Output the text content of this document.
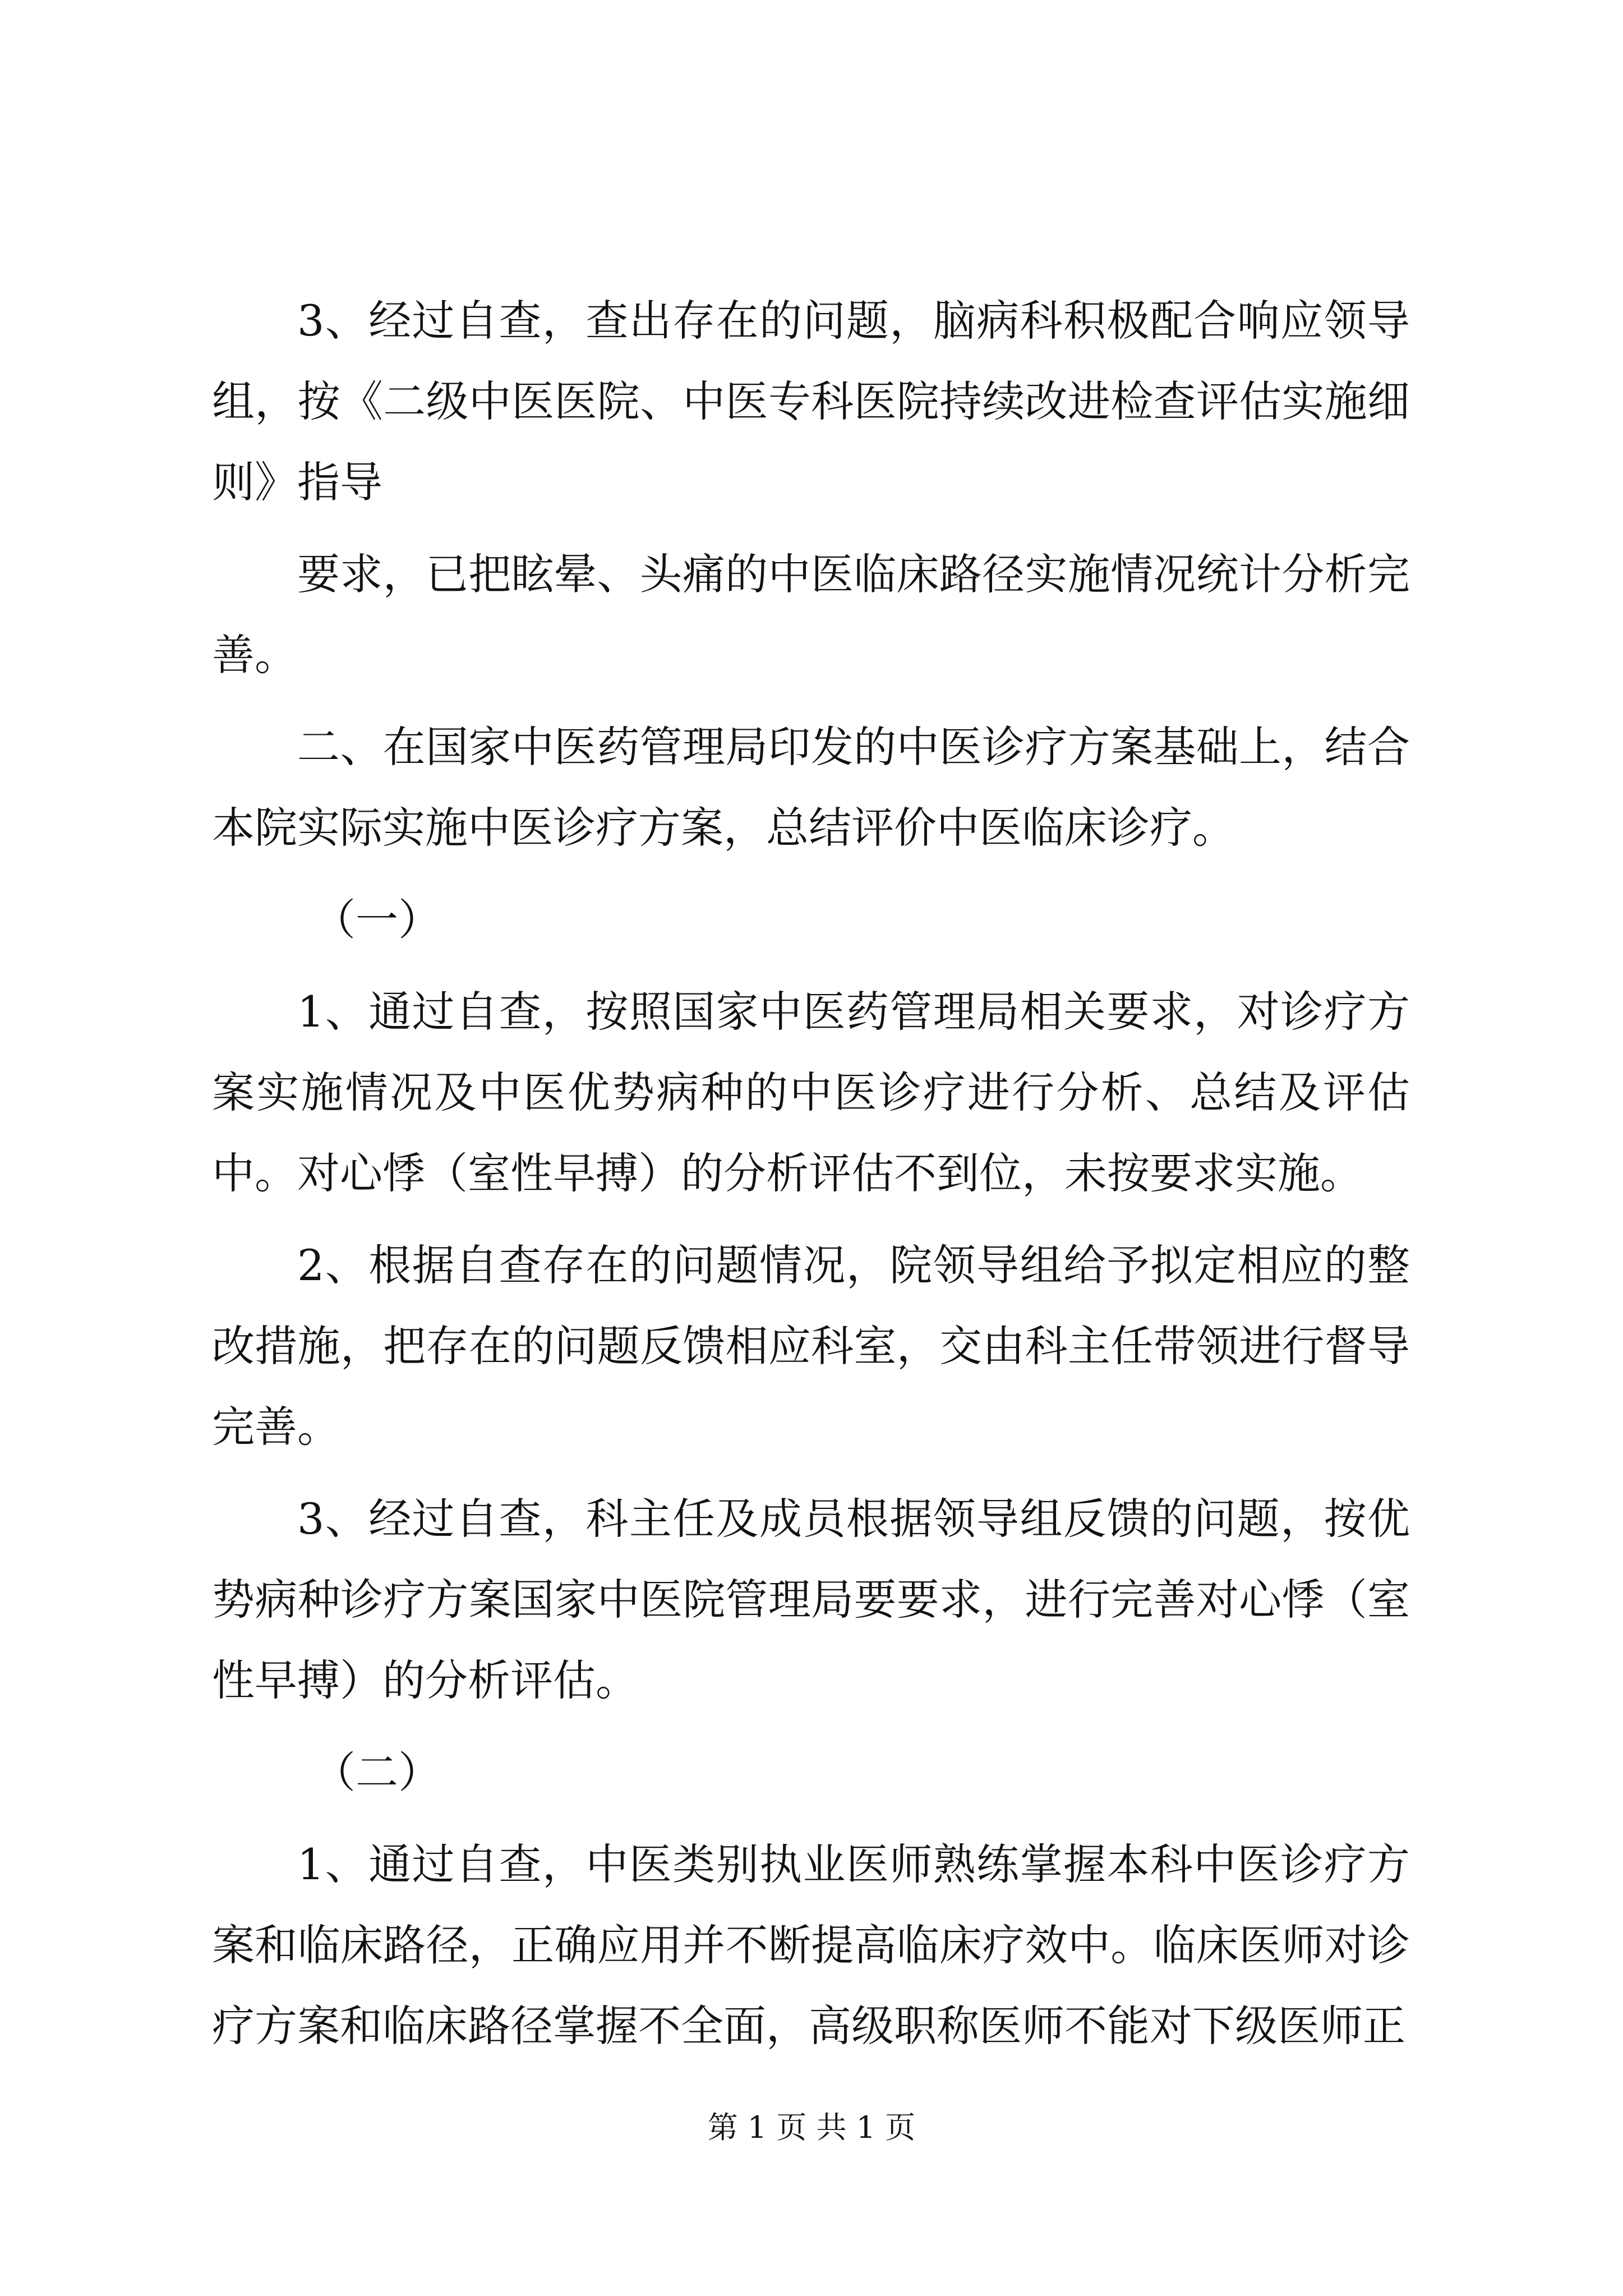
3、经过自查，查出存在的问题，脑病科积极配合响应领导组，按《二级中医医院、中医专科医院持续改进检查评估实施细则》指导

要求，已把眩晕、头痛的中医临床路径实施情况统计分析完善。

二、在国家中医药管理局印发的中医诊疗方案基础上，结合本院实际实施中医诊疗方案，总结评价中医临床诊疗。

（一）

1、通过自查，按照国家中医药管理局相关要求，对诊疗方案实施情况及中医优势病种的中医诊疗进行分析、总结及评估中。对心悸（室性早搏）的分析评估不到位，未按要求实施。

2、根据自查存在的问题情况，院领导组给予拟定相应的整改措施，把存在的问题反馈相应科室，交由科主任带领进行督导完善。

3、经过自查，科主任及成员根据领导组反馈的问题，按优势病种诊疗方案国家中医院管理局要要求，进行完善对心悸（室性早搏）的分析评估。

（二）

1、通过自查，中医类别执业医师熟练掌握本科中医诊疗方案和临床路径，正确应用并不断提高临床疗效中。临床医师对诊疗方案和临床路径掌握不全面，高级职称医师不能对下级医师正

第 1 页 共 1 页
